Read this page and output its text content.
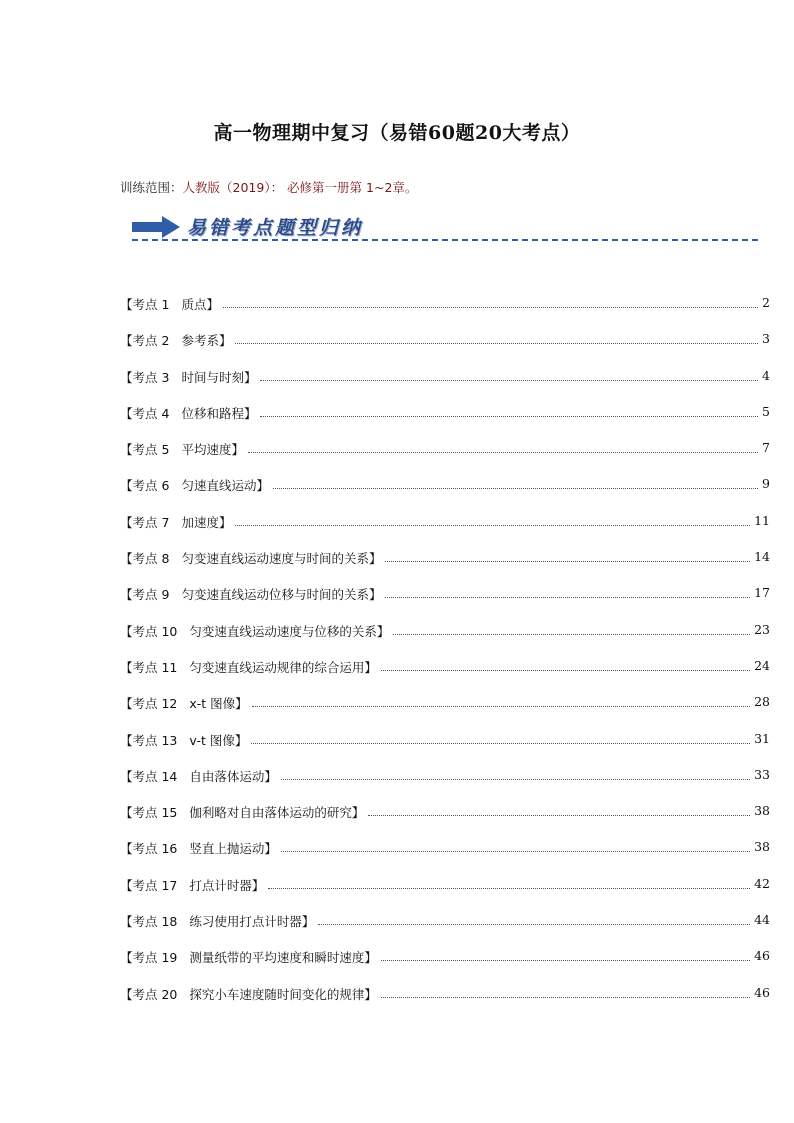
高一物理期中复习（易错60题20大考点）
训练范围：人教版（2019）： 必修第一册第 1~2章。
易错考点题型归纳
【考点 1 质点】	2
【考点 2 参考系】	3
【考点 3 时间与时刻】	4
【考点 4 位移和路程】	5
【考点 5 平均速度】	7
【考点 6 匀速直线运动】	9
【考点 7 加速度】	11
【考点 8 匀变速直线运动速度与时间的关系】	14
【考点 9 匀变速直线运动位移与时间的关系】	17
【考点 10 匀变速直线运动速度与位移的关系】	23
【考点 11 匀变速直线运动规律的综合运用】	24
【考点 12 x-t 图像】	28
【考点 13 v-t 图像】	31
【考点 14 自由落体运动】	33
【考点 15 伽利略对自由落体运动的研究】	38
【考点 16 竖直上抛运动】	38
【考点 17 打点计时器】	42
【考点 18 练习使用打点计时器】	44
【考点 19 测量纸带的平均速度和瞬时速度】	46
【考点 20 探究小车速度随时间变化的规律】	46
